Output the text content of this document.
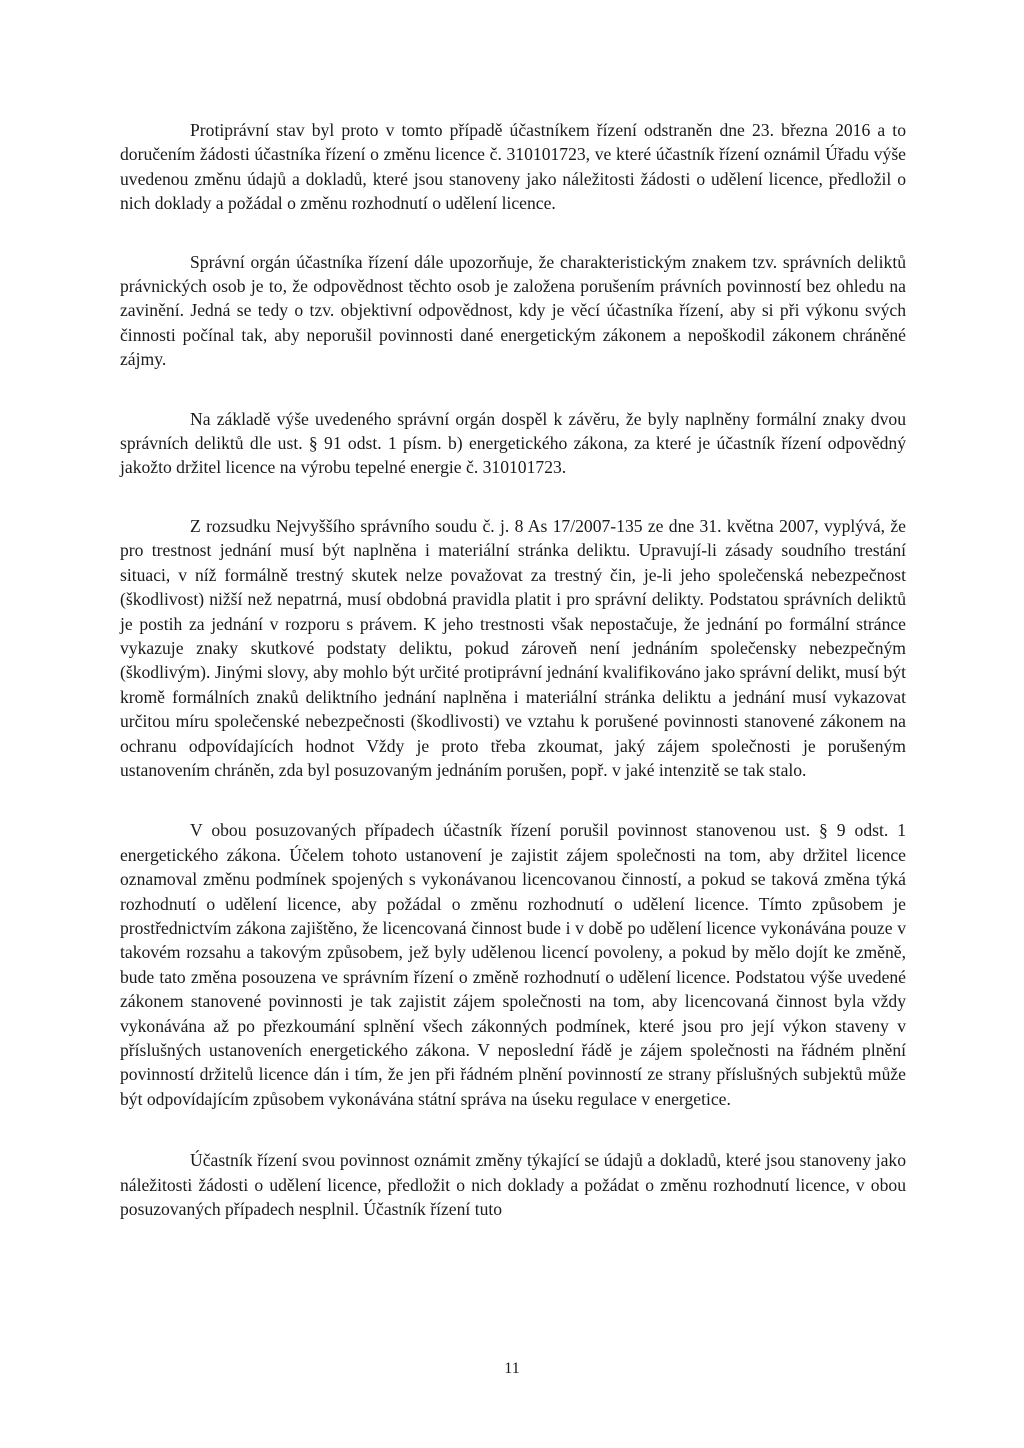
Protiprávní stav byl proto v tomto případě účastníkem řízení odstraněn dne 23. března 2016 a to doručením žádosti účastníka řízení o změnu licence č. 310101723, ve které účastník řízení oznámil Úřadu výše uvedenou změnu údajů a dokladů, které jsou stanoveny jako náležitosti žádosti o udělení licence, předložil o nich doklady a požádal o změnu rozhodnutí o udělení licence.

Správní orgán účastníka řízení dále upozorňuje, že charakteristickým znakem tzv. správních deliktů právnických osob je to, že odpovědnost těchto osob je založena porušením právních povinností bez ohledu na zavinění. Jedná se tedy o tzv. objektivní odpovědnost, kdy je věcí účastníka řízení, aby si při výkonu svých činnosti počínal tak, aby neporušil povinnosti dané energetickým zákonem a nepoškodil zákonem chráněné zájmy.

Na základě výše uvedeného správní orgán dospěl k závěru, že byly naplněny formální znaky dvou správních deliktů dle ust. § 91 odst. 1 písm. b) energetického zákona, za které je účastník řízení odpovědný jakožto držitel licence na výrobu tepelné energie č. 310101723.

Z rozsudku Nejvyššího správního soudu č. j. 8 As 17/2007-135 ze dne 31. května 2007, vyplývá, že pro trestnost jednání musí být naplněna i materiální stránka deliktu. Upravují-li zásady soudního trestání situaci, v níž formálně trestný skutek nelze považovat za trestný čin, je-li jeho společenská nebezpečnost (škodlivost) nižší než nepatrná, musí obdobná pravidla platit i pro správní delikty. Podstatou správních deliktů je postih za jednání v rozporu s právem. K jeho trestnosti však nepostačuje, že jednání po formální stránce vykazuje znaky skutkové podstaty deliktu, pokud zároveň není jednáním společensky nebezpečným (škodlivým). Jinými slovy, aby mohlo být určité protiprávní jednání kvalifikováno jako správní delikt, musí být kromě formálních znaků deliktního jednání naplněna i materiální stránka deliktu a jednání musí vykazovat určitou míru společenské nebezpečnosti (škodlivosti) ve vztahu k porušené povinnosti stanovené zákonem na ochranu odpovídajících hodnot Vždy je proto třeba zkoumat, jaký zájem společnosti je porušeným ustanovením chráněn, zda byl posuzovaným jednáním porušen, popř. v jaké intenzitě se tak stalo.

V obou posuzovaných případech účastník řízení porušil povinnost stanovenou ust. § 9 odst. 1 energetického zákona. Účelem tohoto ustanovení je zajistit zájem společnosti na tom, aby držitel licence oznamoval změnu podmínek spojených s vykonávanou licencovanou činností, a pokud se taková změna týká rozhodnutí o udělení licence, aby požádal o změnu rozhodnutí o udělení licence. Tímto způsobem je prostřednictvím zákona zajištěno, že licencovaná činnost bude i v době po udělení licence vykonávána pouze v takovém rozsahu a takovým způsobem, jež byly udělenou licencí povoleny, a pokud by mělo dojít ke změně, bude tato změna posouzena ve správním řízení o změně rozhodnutí o udělení licence. Podstatou výše uvedené zákonem stanovené povinnosti je tak zajistit zájem společnosti na tom, aby licencovaná činnost byla vždy vykonávána až po přezkoumání splnění všech zákonných podmínek, které jsou pro její výkon staveny v příslušných ustanoveních energetického zákona. V neposlední řádě je zájem společnosti na řádném plnění povinností držitelů licence dán i tím, že jen při řádném plnění povinností ze strany příslušných subjektů může být odpovídajícím způsobem vykonávána státní správa na úseku regulace v energetice.

Účastník řízení svou povinnost oznámit změny týkající se údajů a dokladů, které jsou stanoveny jako náležitosti žádosti o udělení licence, předložit o nich doklady a požádat o změnu rozhodnutí licence, v obou posuzovaných případech nesplnil. Účastník řízení tuto

11
